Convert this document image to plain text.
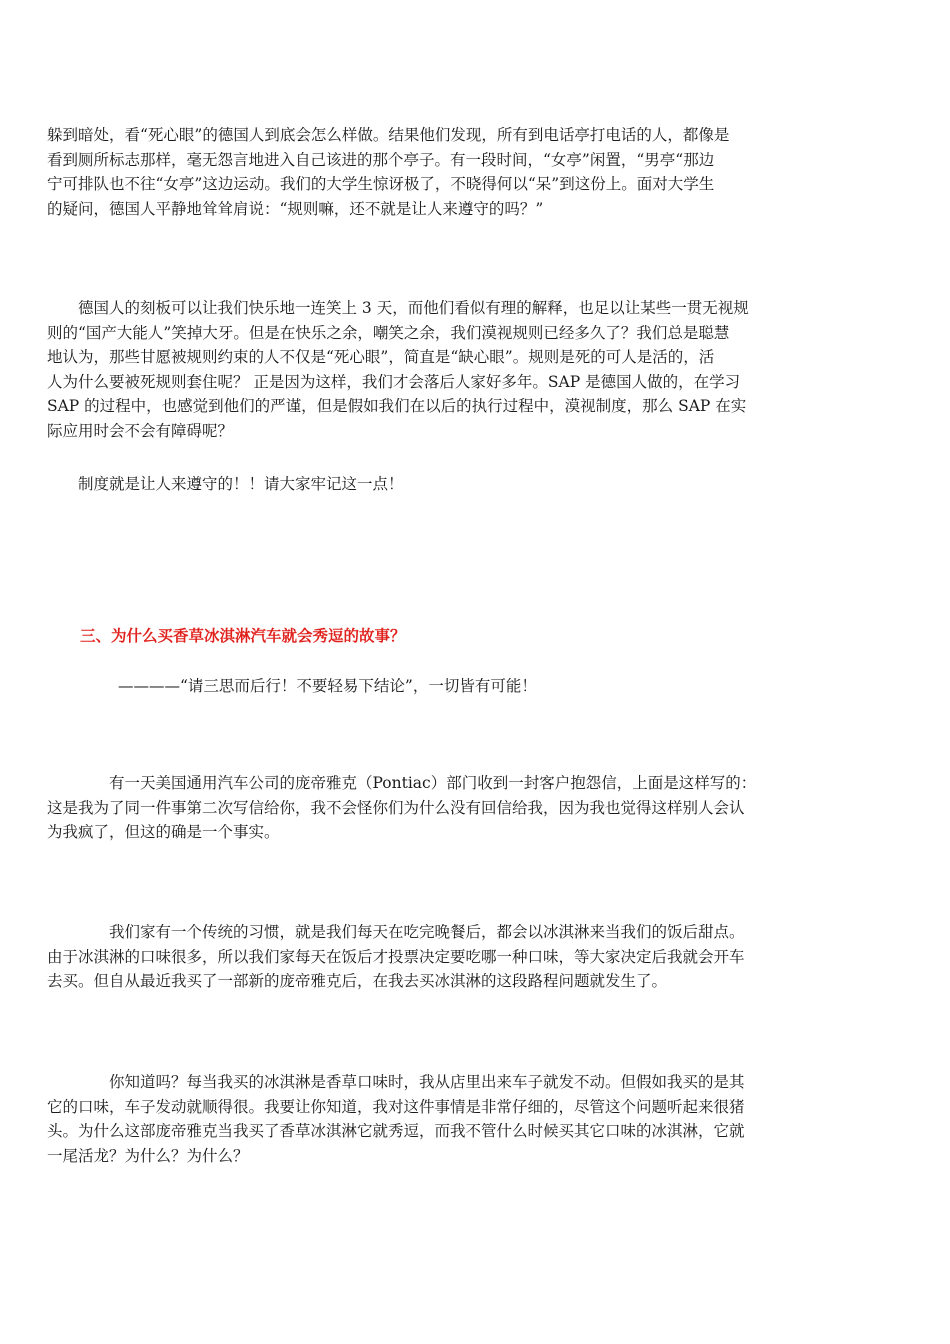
躲到暗处，看“死心眼”的德国人到底会怎么样做。结果他们发现，所有到电话亭打电话的人，都像是
看到厕所标志那样，毫无怨言地进入自己该进的那个亭子。有一段时间，“女亭”闲置，“男亭“那边
宁可排队也不往“女亭”这边运动。我们的大学生惊讶极了，不晓得何以“呆”到这份上。面对大学生
的疑问，德国人平静地耸耸肩说：“规则嘛，还不就是让人来遵守的吗？”
　　德国人的刻板可以让我们快乐地一连笑上 3 天，而他们看似有理的解释，也足以让某些一贯无视规
则的“国产大能人”笑掉大牙。但是在快乐之余，嘲笑之余，我们漠视规则已经多久了？我们总是聪慧
地认为，那些甘愿被规则约束的人不仅是“死心眼”，简直是“缺心眼”。规则是死的可人是活的，活
人为什么要被死规则套住呢？ 正是因为这样，我们才会落后人家好多年。SAP 是德国人做的，在学习
SAP 的过程中，也感觉到他们的严谨，但是假如我们在以后的执行过程中，漠视制度，那么 SAP 在实
际应用时会不会有障碍呢？
　　制度就是让人来遵守的！！请大家牢记这一点！

三、为什么买香草冰淇淋汽车就会秀逗的故事？

————“请三思而后行！不要轻易下结论”，一切皆有可能！

　　　　有一天美国通用汽车公司的庞帝雅克（Pontiac）部门收到一封客户抱怨信，上面是这样写的：
这是我为了同一件事第二次写信给你，我不会怪你们为什么没有回信给我，因为我也觉得这样别人会认
为我疯了，但这的确是一个事实。
　　　　我们家有一个传统的习惯，就是我们每天在吃完晚餐后，都会以冰淇淋来当我们的饭后甜点。
由于冰淇淋的口味很多，所以我们家每天在饭后才投票决定要吃哪一种口味，等大家决定后我就会开车
去买。但自从最近我买了一部新的庞帝雅克后，在我去买冰淇淋的这段路程问题就发生了。
　　　　你知道吗？每当我买的冰淇淋是香草口味时，我从店里出来车子就发不动。但假如我买的是其
它的口味，车子发动就顺得很。我要让你知道，我对这件事情是非常仔细的，尽管这个问题听起来很猪
头。为什么这部庞帝雅克当我买了香草冰淇淋它就秀逗，而我不管什么时候买其它口味的冰淇淋，它就
一尾活龙？为什么？为什么？
